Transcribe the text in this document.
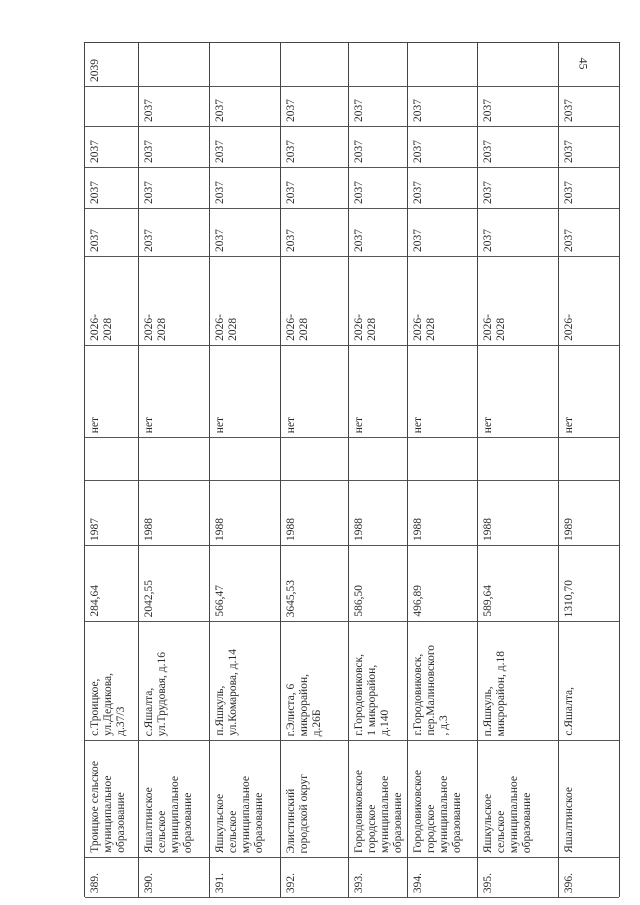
45
389.
Троицкое сельское
муниципальное
образование
с.Троицкое,
ул.Дедикова,
д.37/3
284,64
1987
нет
2026-
2028
2037
2037
2037
2039
390.
Яшалтинское
сельское
муниципальное
образование
с.Яшалта,
ул.Трудовая, д.16
2042,55
1988
нет
2026-
2028
2037
2037
2037
2037
391.
Яшкульское
сельское
муниципальное
образование
п.Яшкуль,
ул.Комарова, д.14
566,47
1988
нет
2026-
2028
2037
2037
2037
2037
392.
Элистинский
городской округ
г.Элиста, 6
микрорайон,
д.26Б
3645,53
1988
нет
2026-
2028
2037
2037
2037
2037
393.
Городовиковское
городское
муниципальное
образование
г.Городовиковск,
1 микрорайон,
д.140
586,50
1988
нет
2026-
2028
2037
2037
2037
2037
394.
Городовиковское
городское
муниципальное
образование
г.Городовиковск,
пер.Малиновского
, д.3
496,89
1988
нет
2026-
2028
2037
2037
2037
2037
395.
Яшкульское
сельское
муниципальное
образование
п.Яшкуль,
микрорайон, д.18
589,64
1988
нет
2026-
2028
2037
2037
2037
2037
396.
Яшалтинское
с.Яшалта,
1310,70
1989
нет
2026-
2037
2037
2037
2037
